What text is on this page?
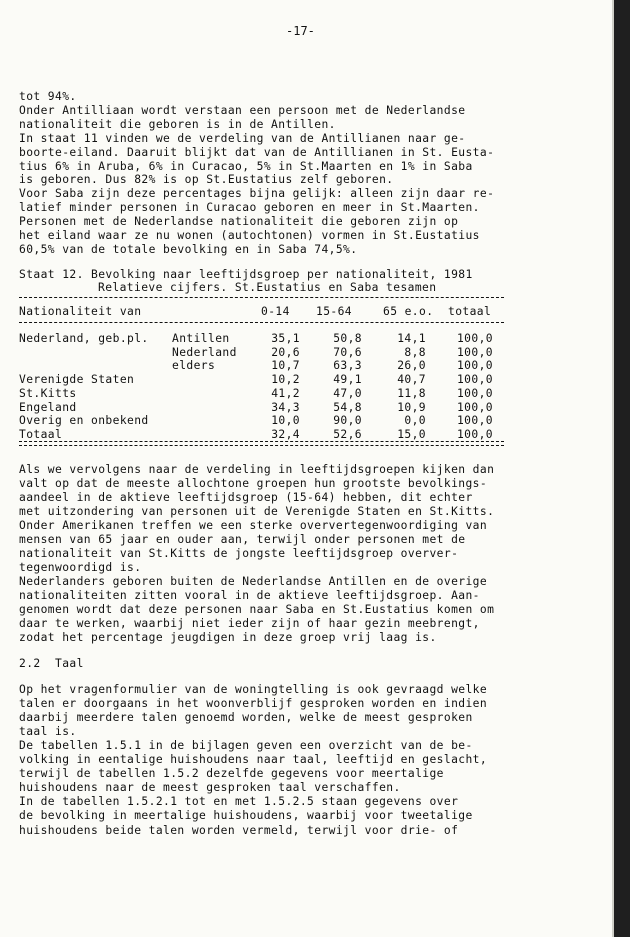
-17-
tot 94%.
Onder Antilliaan wordt verstaan een persoon met de Nederlandse
nationaliteit die geboren is in de Antillen.
In staat 11 vinden we de verdeling van de Antillianen naar ge-
boorte-eiland. Daaruit blijkt dat van de Antillianen in St. Eusta-
tius 6% in Aruba, 6% in Curacao, 5% in St.Maarten en 1% in Saba
is geboren. Dus 82% is op St.Eustatius zelf geboren.
Voor Saba zijn deze percentages bijna gelijk: alleen zijn daar re-
latief minder personen in Curacao geboren en meer in St.Maarten.
Personen met de Nederlandse nationaliteit die geboren zijn op
het eiland waar ze nu wonen (autochtonen) vormen in St.Eustatius
60,5% van de totale bevolking en in Saba 74,5%.
Staat 12. Bevolking naar leeftijdsgroep per nationaliteit, 1981
Relatieve cijfers. St.Eustatius en Saba tesamen
Nationaliteit van	0-14 15-64	65 e.o. totaal
Nederland, geb.pl. Antillen	35,1	50,8	14,1	100,0
Nederland	20,6	70,6	8,8	100,0
elders	10,7	63,3	26,0	100,0
Verenigde Staten	10,2	49,1	40,7	100,0
St.Kitts	41,2	47,0	11,8	100,0
Engeland	34,3	54,8	10,9	100,0
Overig en onbekend	10,0	90,0	0,0	100,0
Totaal	32,4	52,6	15,0	100,0
Als we vervolgens naar de verdeling in leeftijdsgroepen kijken dan
valt op dat de meeste allochtone groepen hun grootste bevolkings-
aandeel in de aktieve leeftijdsgroep (15-64) hebben, dit echter
met uitzondering van personen uit de Verenigde Staten en St.Kitts.
Onder Amerikanen treffen we een sterke oververtegenwoordiging van
mensen van 65 jaar en ouder aan, terwijl onder personen met de
nationaliteit van St.Kitts de jongste leeftijdsgroep overver-
tegenwoordigd is.
Nederlanders geboren buiten de Nederlandse Antillen en de overige
nationaliteiten zitten vooral in de aktieve leeftijdsgroep. Aan-
genomen wordt dat deze personen naar Saba en St.Eustatius komen om
daar te werken, waarbij niet ieder zijn of haar gezin meebrengt,
zodat het percentage jeugdigen in deze groep vrij laag is.
2.2  Taal
Op het vragenformulier van de woningtelling is ook gevraagd welke
talen er doorgaans in het woonverblijf gesproken worden en indien
daarbij meerdere talen genoemd worden, welke de meest gesproken
taal is.
De tabellen 1.5.1 in de bijlagen geven een overzicht van de be-
volking in eentalige huishoudens naar taal, leeftijd en geslacht,
terwijl de tabellen 1.5.2 dezelfde gegevens voor meertalige
huishoudens naar de meest gesproken taal verschaffen.
In de tabellen 1.5.2.1 tot en met 1.5.2.5 staan gegevens over
de bevolking in meertalige huishoudens, waarbij voor tweetalige
huishoudens beide talen worden vermeld, terwijl voor drie- of
